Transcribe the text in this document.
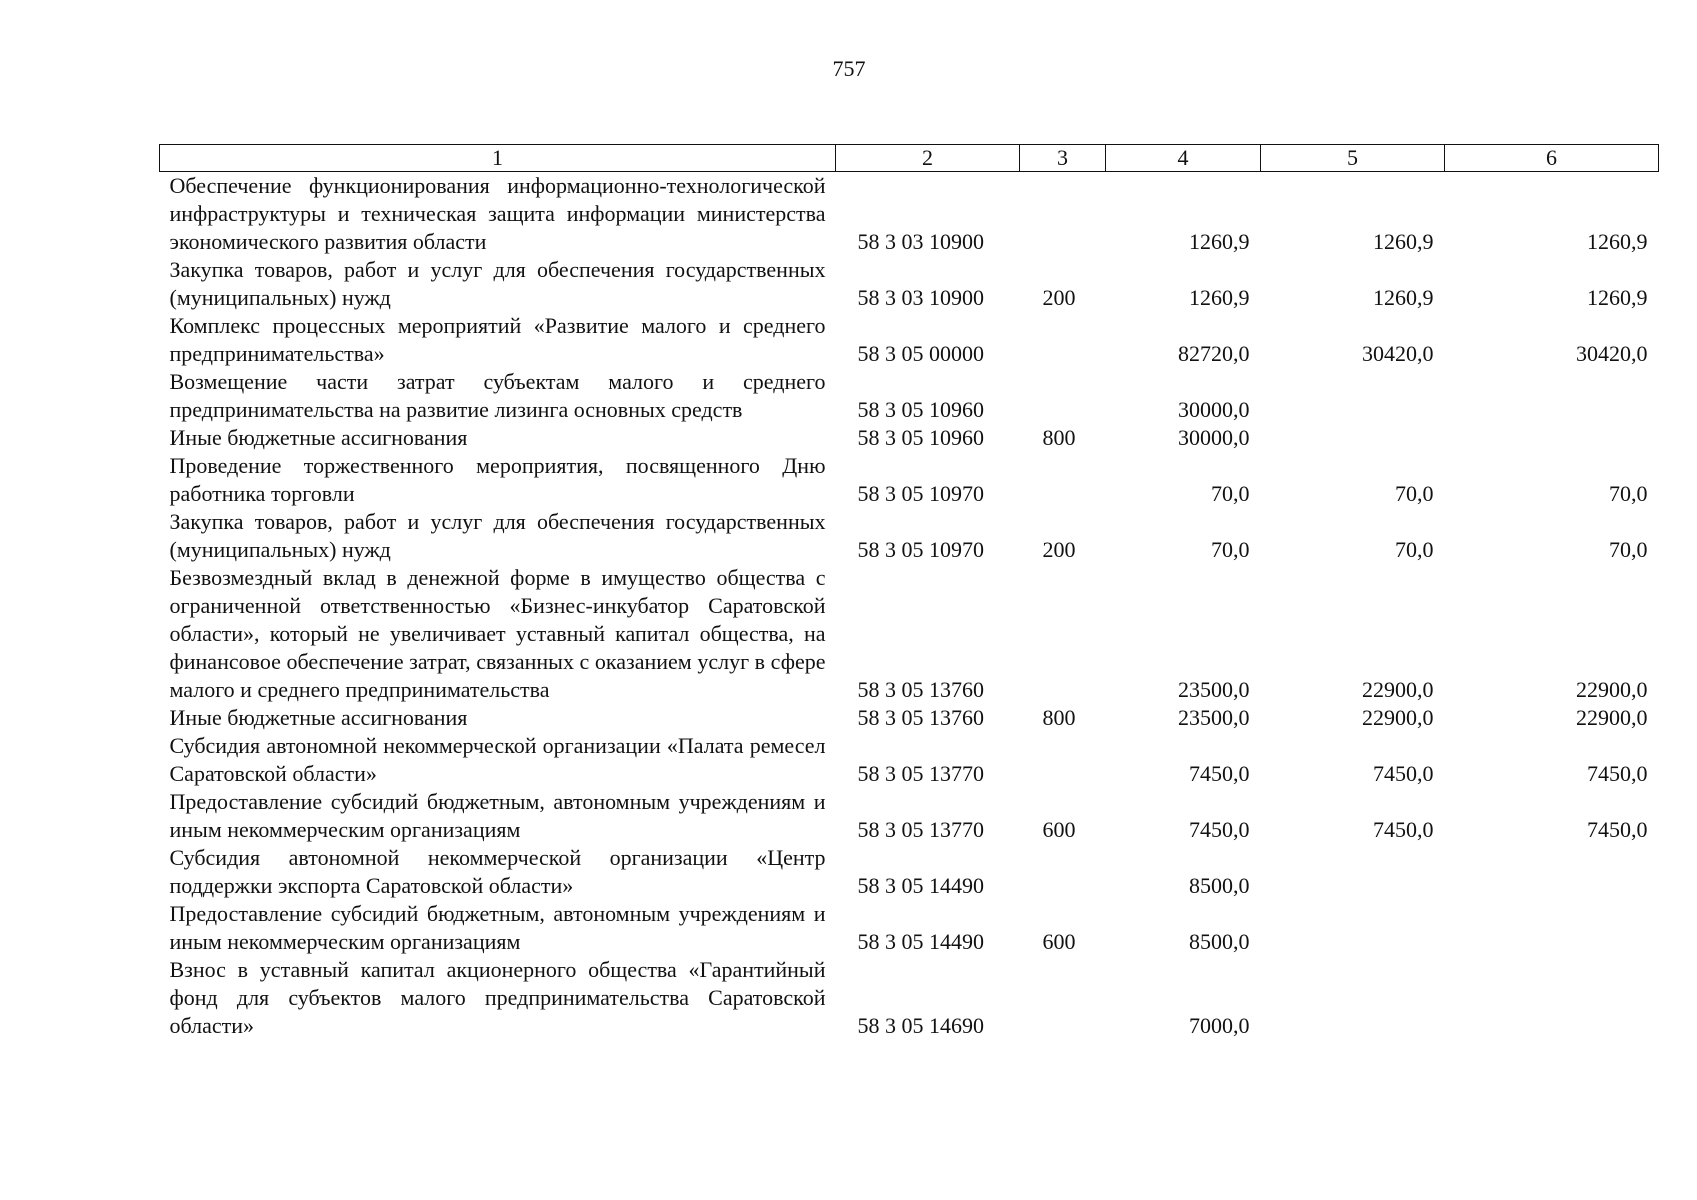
757
1	2	3	4	5	6
Обеспечение функционирования информационно-технологической инфраструктуры и техническая защита информации министерства экономического развития области	58 3 03 10900		1260,9	1260,9	1260,9
Закупка товаров, работ и услуг для обеспечения государственных (муниципальных) нужд	58 3 03 10900	200	1260,9	1260,9	1260,9
Комплекс процессных мероприятий «Развитие малого и среднего предпринимательства»	58 3 05 00000		82720,0	30420,0	30420,0
Возмещение части затрат субъектам малого и среднего предпринимательства на развитие лизинга основных средств	58 3 05 10960		30000,0		
Иные бюджетные ассигнования	58 3 05 10960	800	30000,0		
Проведение торжественного мероприятия, посвященного Дню работника торговли	58 3 05 10970		70,0	70,0	70,0
Закупка товаров, работ и услуг для обеспечения государственных (муниципальных) нужд	58 3 05 10970	200	70,0	70,0	70,0
Безвозмездный вклад в денежной форме в имущество общества с ограниченной ответственностью «Бизнес-инкубатор Саратовской области», который не увеличивает уставный капитал общества, на финансовое обеспечение затрат, связанных с оказанием услуг в сфере малого и среднего предпринимательства	58 3 05 13760		23500,0	22900,0	22900,0
Иные бюджетные ассигнования	58 3 05 13760	800	23500,0	22900,0	22900,0
Субсидия автономной некоммерческой организации «Палата ремесел Саратовской области»	58 3 05 13770		7450,0	7450,0	7450,0
Предоставление субсидий бюджетным, автономным учреждениям и иным некоммерческим организациям	58 3 05 13770	600	7450,0	7450,0	7450,0
Субсидия автономной некоммерческой организации «Центр поддержки экспорта Саратовской области»	58 3 05 14490		8500,0		
Предоставление субсидий бюджетным, автономным учреждениям и иным некоммерческим организациям	58 3 05 14490	600	8500,0		
Взнос в уставный капитал акционерного общества «Гарантийный фонд для субъектов малого предпринимательства Саратовской области»	58 3 05 14690		7000,0		
